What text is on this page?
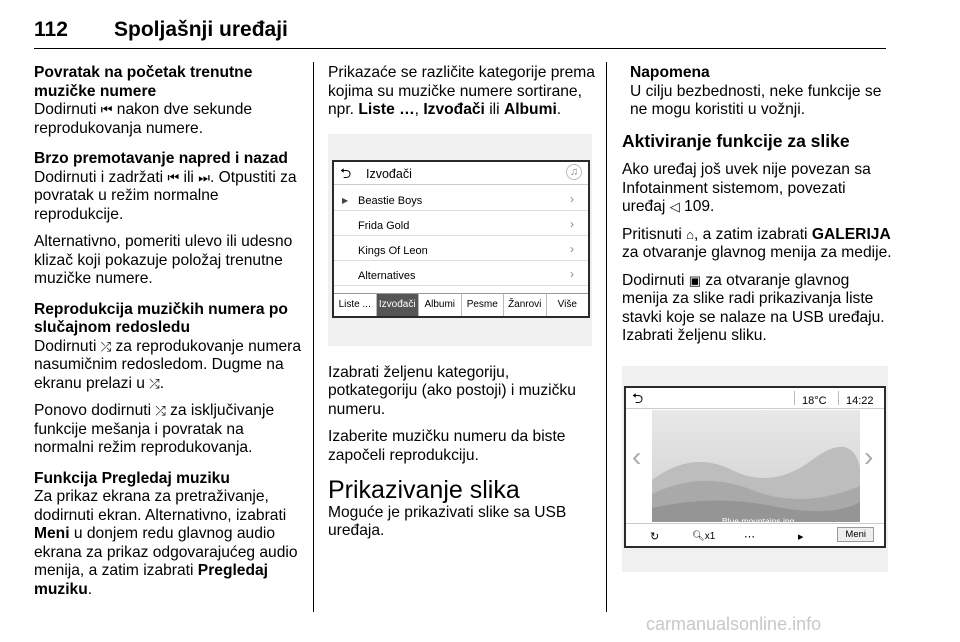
112 Spoljašnji uređaji

Povratak na početak trenutne muzičke numere

Dodirnuti ⏮ nakon dve sekunde reprodukovanja numere.

Brzo premotavanje napred i nazad

Dodirnuti i zadržati ⏮ ili ⏭. Otpustiti za povratak u režim normalne reprodukcije.

Alternativno, pomeriti ulevo ili udesno klizač koji pokazuje položaj trenutne muzičke numere.

Reprodukcija muzičkih numera po slučajnom redosledu

Dodirnuti ⤮ za reprodukovanje numera nasumičnim redosledom. Dugme na ekranu prelazi u ⤮.

Ponovo dodirnuti ⤮ za isključivanje funkcije mešanja i povratak na normalni režim reprodukovanja.

Funkcija Pregledaj muziku

Za prikaz ekrana za pretraživanje, dodirnuti ekran. Alternativno, izabrati Meni u donjem redu glavnog audio ekrana za prikaz odgovarajućeg audio menija, a zatim izabrati Pregledaj muziku.

Prikazaće se različite kategorije prema kojima su muzičke numere sortirane, npr. Liste …, Izvođači ili Albumi.

⮌ Izvođači	♫
▶ Beastie Boys	›
Frida Gold	›
Kings Of Leon	›
Alternatives	›
Liste ... Izvođači Albumi	Pesme	Žanrovi	Više

Izabrati željenu kategoriju, potkategoriju (ako postoji) i muzičku numeru.

Izaberite muzičku numeru da biste započeli reprodukciju.

Prikazivanje slika

Moguće je prikazivati slike sa USB uređaja.

Napomena

U cilju bezbednosti, neke funkcije se ne mogu koristiti u vožnji.

Aktiviranje funkcije za slike

Ako uređaj još uvek nije povezan sa Infotainment sistemom, povezati uređaj ◁ 109.

Pritisnuti ⌂, a zatim izabrati GALERIJA za otvaranje glavnog menija za medije.

Dodirnuti ▣ za otvaranje glavnog menija za slike radi prikazivanja liste stavki koje se nalaze na USB uređaju. Izabrati željenu sliku.

⮌	18°C 14:22
Blue mountains.jpg
‹	›
↻	🔍︎x1	⋯	▸	Meni
carmanualsonline.info
